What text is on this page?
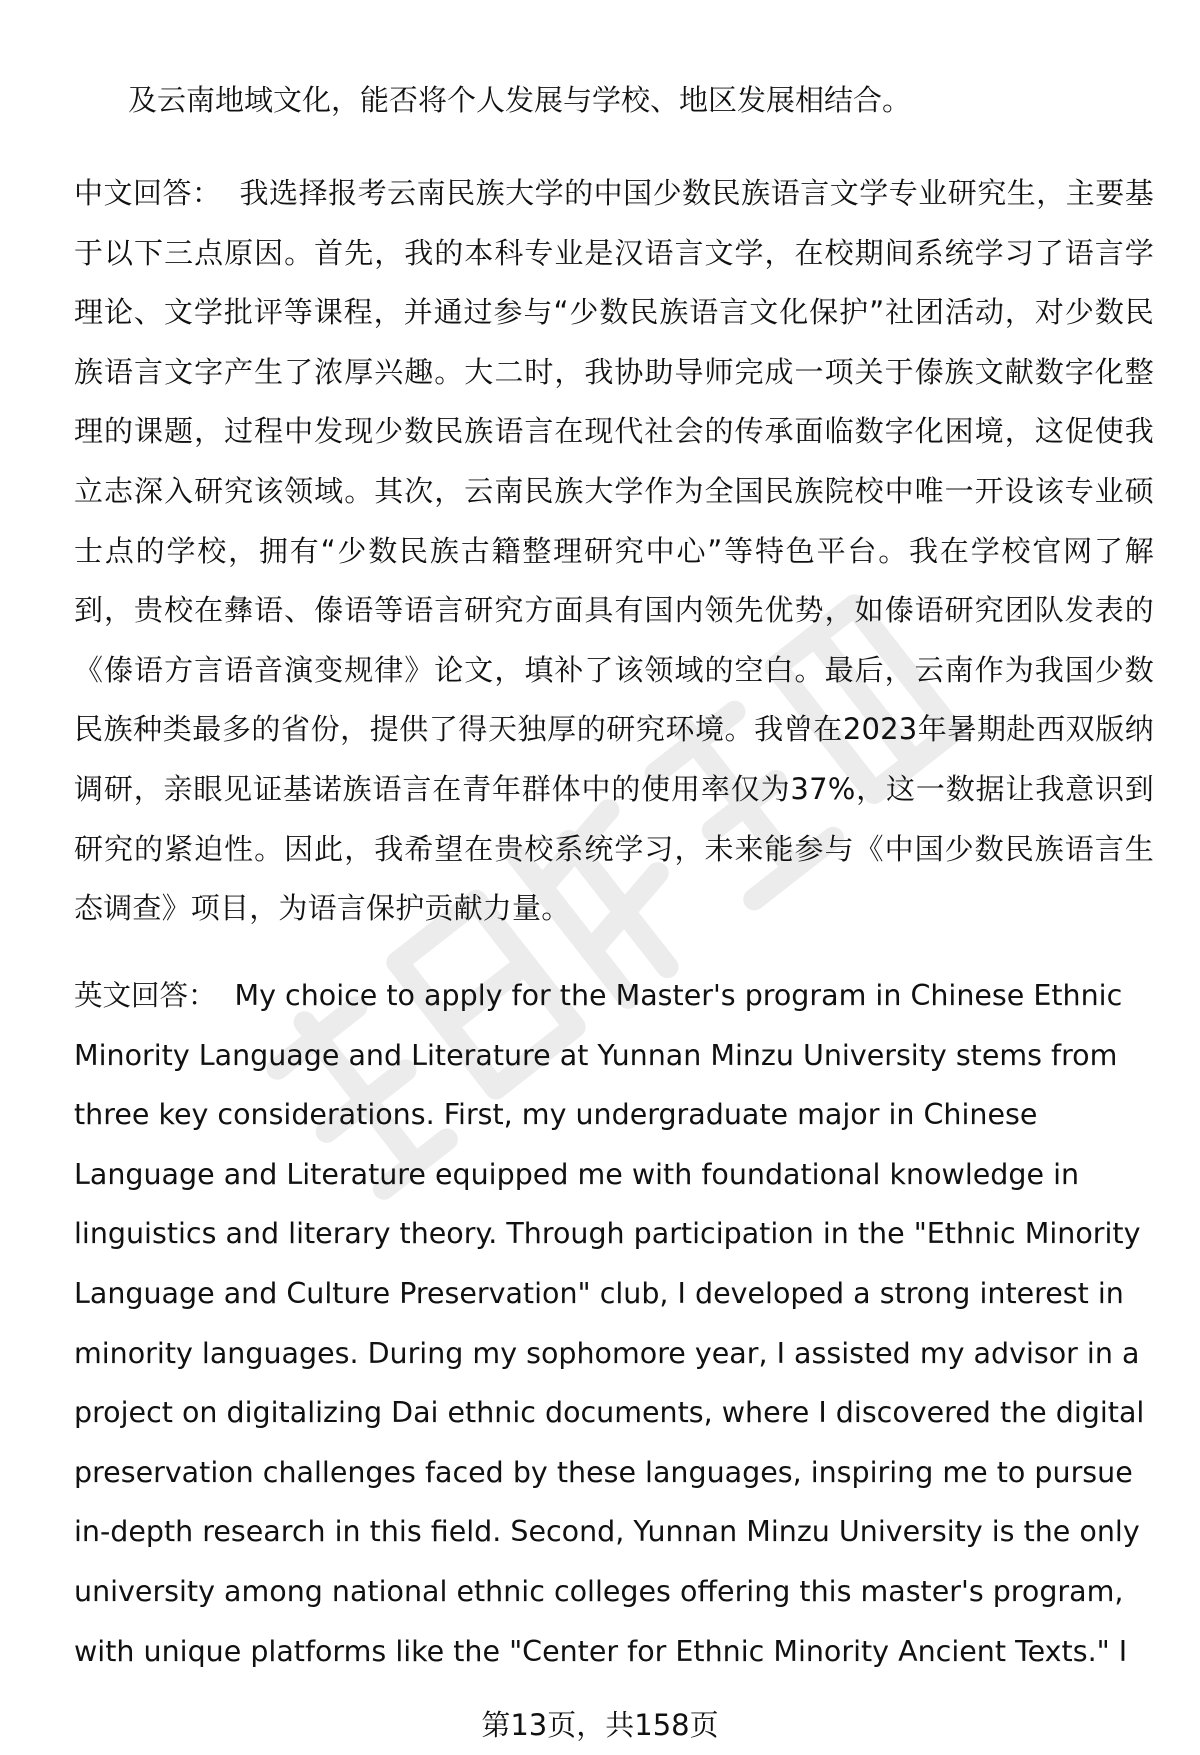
及云南地域文化，能否将个人发展与学校、地区发展相结合。

中文回答： 我选择报考云南民族大学的中国少数民族语言文学专业研究生，主要基于以下三点原因。首先，我的本科专业是汉语言文学，在校期间系统学习了语言学理论、文学批评等课程，并通过参与“少数民族语言文化保护”社团活动，对少数民族语言文字产生了浓厚兴趣。大二时，我协助导师完成一项关于傣族文献数字化整理的课题，过程中发现少数民族语言在现代社会的传承面临数字化困境，这促使我立志深入研究该领域。其次，云南民族大学作为全国民族院校中唯一开设该专业硕士点的学校，拥有“少数民族古籍整理研究中心”等特色平台。我在学校官网了解到，贵校在彝语、傣语等语言研究方面具有国内领先优势，如傣语研究团队发表的《傣语方言语音演变规律》论文，填补了该领域的空白。最后，云南作为我国少数民族种类最多的省份，提供了得天独厚的研究环境。我曾在2023年暑期赴西双版纳调研，亲眼见证基诺族语言在青年群体中的使用率仅为37%，这一数据让我意识到研究的紧迫性。因此，我希望在贵校系统学习，未来能参与《中国少数民族语言生态调查》项目，为语言保护贡献力量。

英文回答： My choice to apply for the Master's program in Chinese Ethnic Minority Language and Literature at Yunnan Minzu University stems from three key considerations. First, my undergraduate major in Chinese Language and Literature equipped me with foundational knowledge in linguistics and literary theory. Through participation in the "Ethnic Minority Language and Culture Preservation" club, I developed a strong interest in minority languages. During my sophomore year, I assisted my advisor in a project on digitalizing Dai ethnic documents, where I discovered the digital preservation challenges faced by these languages, inspiring me to pursue in-depth research in this field. Second, Yunnan Minzu University is the only university among national ethnic colleges offering this master's program, with unique platforms like the "Center for Ethnic Minority Ancient Texts." I

第13页，共158页
